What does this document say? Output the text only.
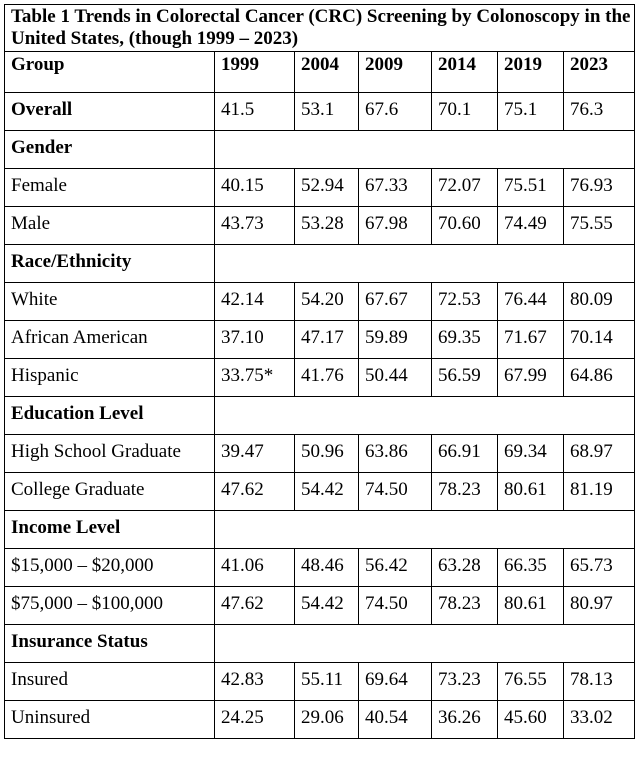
Table 1 Trends in Colorectal Cancer (CRC) Screening by Colonoscopy in the United States, (though 1999 – 2023)						
Group	1999	2004	2009	2014	2019	2023
Overall	41.5	53.1	67.6	70.1	75.1	76.3
Gender						
Female	40.15	52.94	67.33	72.07	75.51	76.93
Male	43.73	53.28	67.98	70.60	74.49	75.55
Race/Ethnicity						
White	42.14	54.20	67.67	72.53	76.44	80.09
African American	37.10	47.17	59.89	69.35	71.67	70.14
Hispanic	33.75*	41.76	50.44	56.59	67.99	64.86
Education Level						
High School Graduate	39.47	50.96	63.86	66.91	69.34	68.97
College Graduate	47.62	54.42	74.50	78.23	80.61	81.19
Income Level						
$15,000 – $20,000	41.06	48.46	56.42	63.28	66.35	65.73
$75,000 – $100,000	47.62	54.42	74.50	78.23	80.61	80.97
Insurance Status						
Insured	42.83	55.11	69.64	73.23	76.55	78.13
Uninsured	24.25	29.06	40.54	36.26	45.60	33.02
